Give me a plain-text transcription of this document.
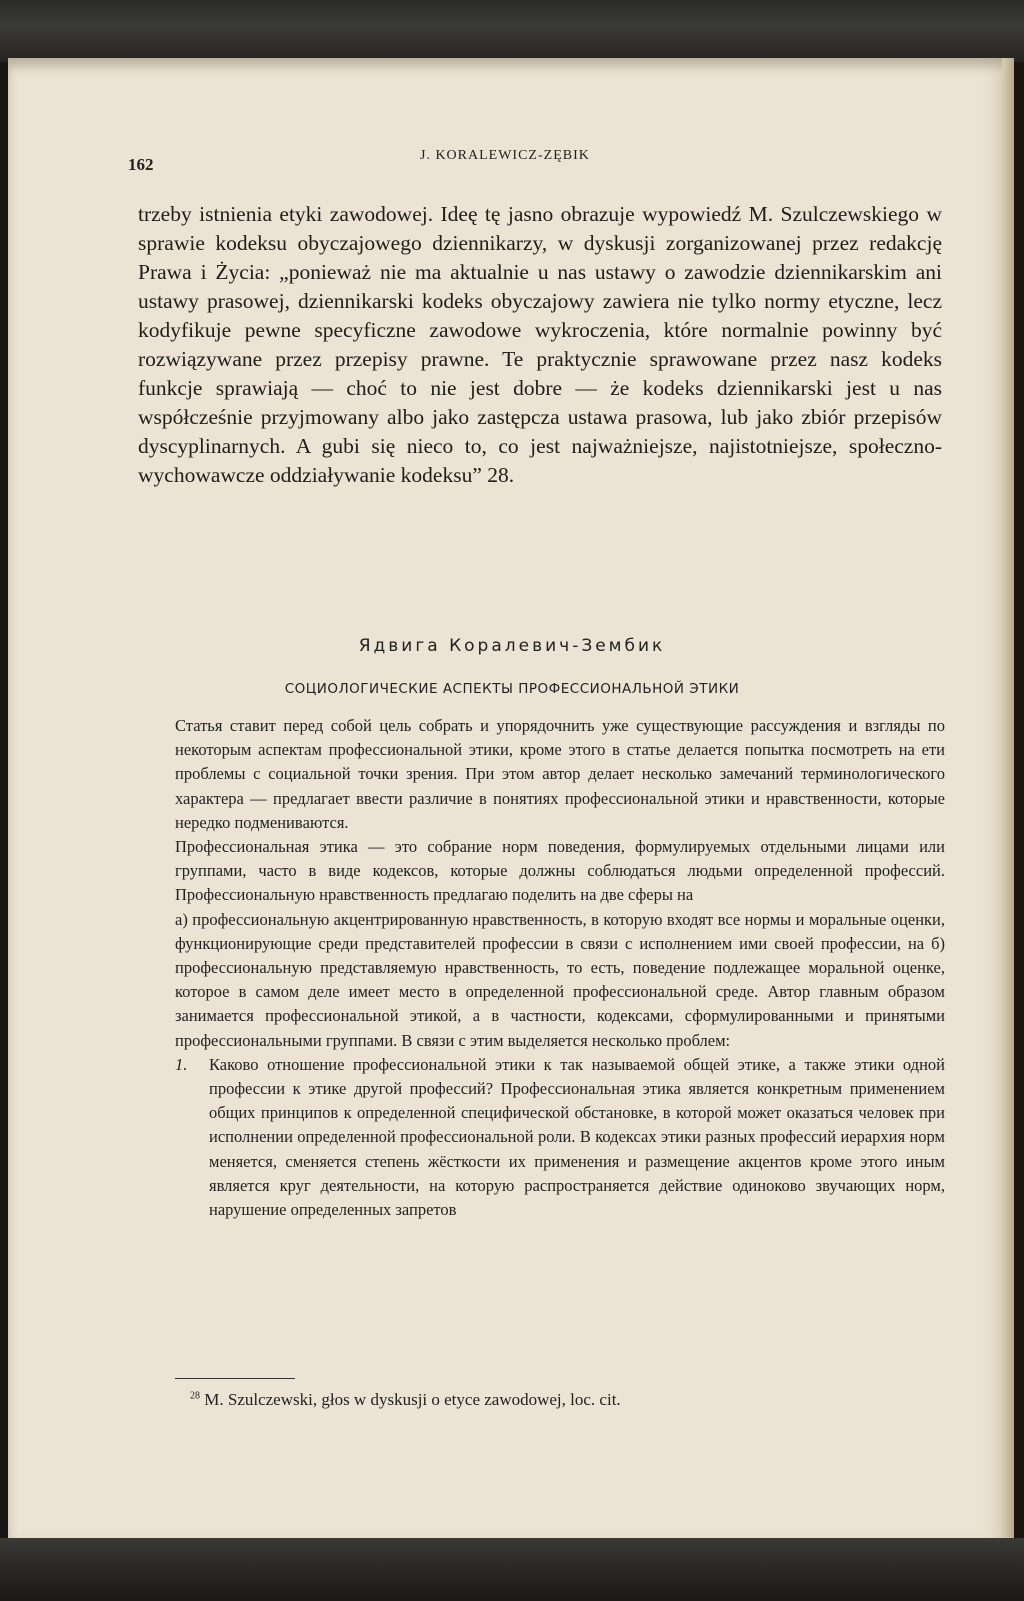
162	J. KORALEWICZ-ZĘBIK
trzeby istnienia etyki zawodowej. Ideę tę jasno obrazuje wypowiedź M. Szulczewskiego w sprawie kodeksu obyczajowego dziennikarzy, w dyskusji zorganizowanej przez redakcję Prawa i Życia: „ponieważ nie ma aktualnie u nas ustawy o zawodzie dziennikarskim ani ustawy prasowej, dziennikarski kodeks obyczajowy zawiera nie tylko normy etyczne, lecz kodyfikuje pewne specyficzne zawodowe wykroczenia, które normalnie powinny być rozwiązywane przez przepisy prawne. Te praktycznie sprawowane przez nasz kodeks funkcje sprawiają — choć to nie jest dobre — że kodeks dziennikarski jest u nas współcześnie przyjmowany albo jako zastępcza ustawa prasowa, lub jako zbiór przepisów dyscyplinarnych. A gubi się nieco to, co jest najważniejsze, najistotniejsze, społeczno-wychowawcze oddziaływanie kodeksu” 28.
Ядвига Коралевич-Зембик
СОЦИОЛОГИЧЕСКИЕ АСПЕКТЫ ПРОФЕССИОНАЛЬНОЙ ЭТИКИ

Статья ставит перед собой цель собрать и упорядочнить уже существующие рассуждения и взгляды по некоторым аспектам профессиональной этики, кроме этого в статье делается попытка посмотреть на ети проблемы с социальной точки зрения. При этом автор делает несколько замечаний терминологического характера — предлагает ввести различие в понятиях профессиональной этики и нравственности, которые нередко подменивaются.

Профессиональная этика — это собрание норм поведения, формулируемых отдельными лицами или группами, часто в виде кодексов, которые должны соблюдаться людьми определенной профессий. Профессиональную нравственность предлагаю поделить на две сферы на

а) профессиональную акцентрированную нравственность, в которую входят все нормы и моральные оценки, функционирующие среди представителей профессии в связи с исполнением ими своей профессии, на б) профессиональную представляемую нравственность, то есть, поведение подлежащее моральной оценке, которое в самом деле имеет место в определенной профессиональной среде. Автор главным образом занимается профессиональной этикой, а в частности, кодексами, сформулированными и принятыми профессиональными группами. В связи с этим выделяется несколько проблем:

1.	Каково отношение профессиональной этики к так называемой общей этике, а также этики одной профессии к этике другой профессий? Профессиональная этика является конкретным применением общих принципов к определенной специфической обстановке, в которой может оказаться человек при исполнении определенной профессиональной роли. В кодексах этики разных профессий иерархия норм меняется, сменяется степень жёсткости их применения и размещение акцентов кроме этого иным является круг деятельности, на которую распространяется действие одиноково звучающих норм, нарушение определенных запретов
$^{28}$ M. Szulczewski, głos w dyskusji o etyce zawodowej, loc. cit.
